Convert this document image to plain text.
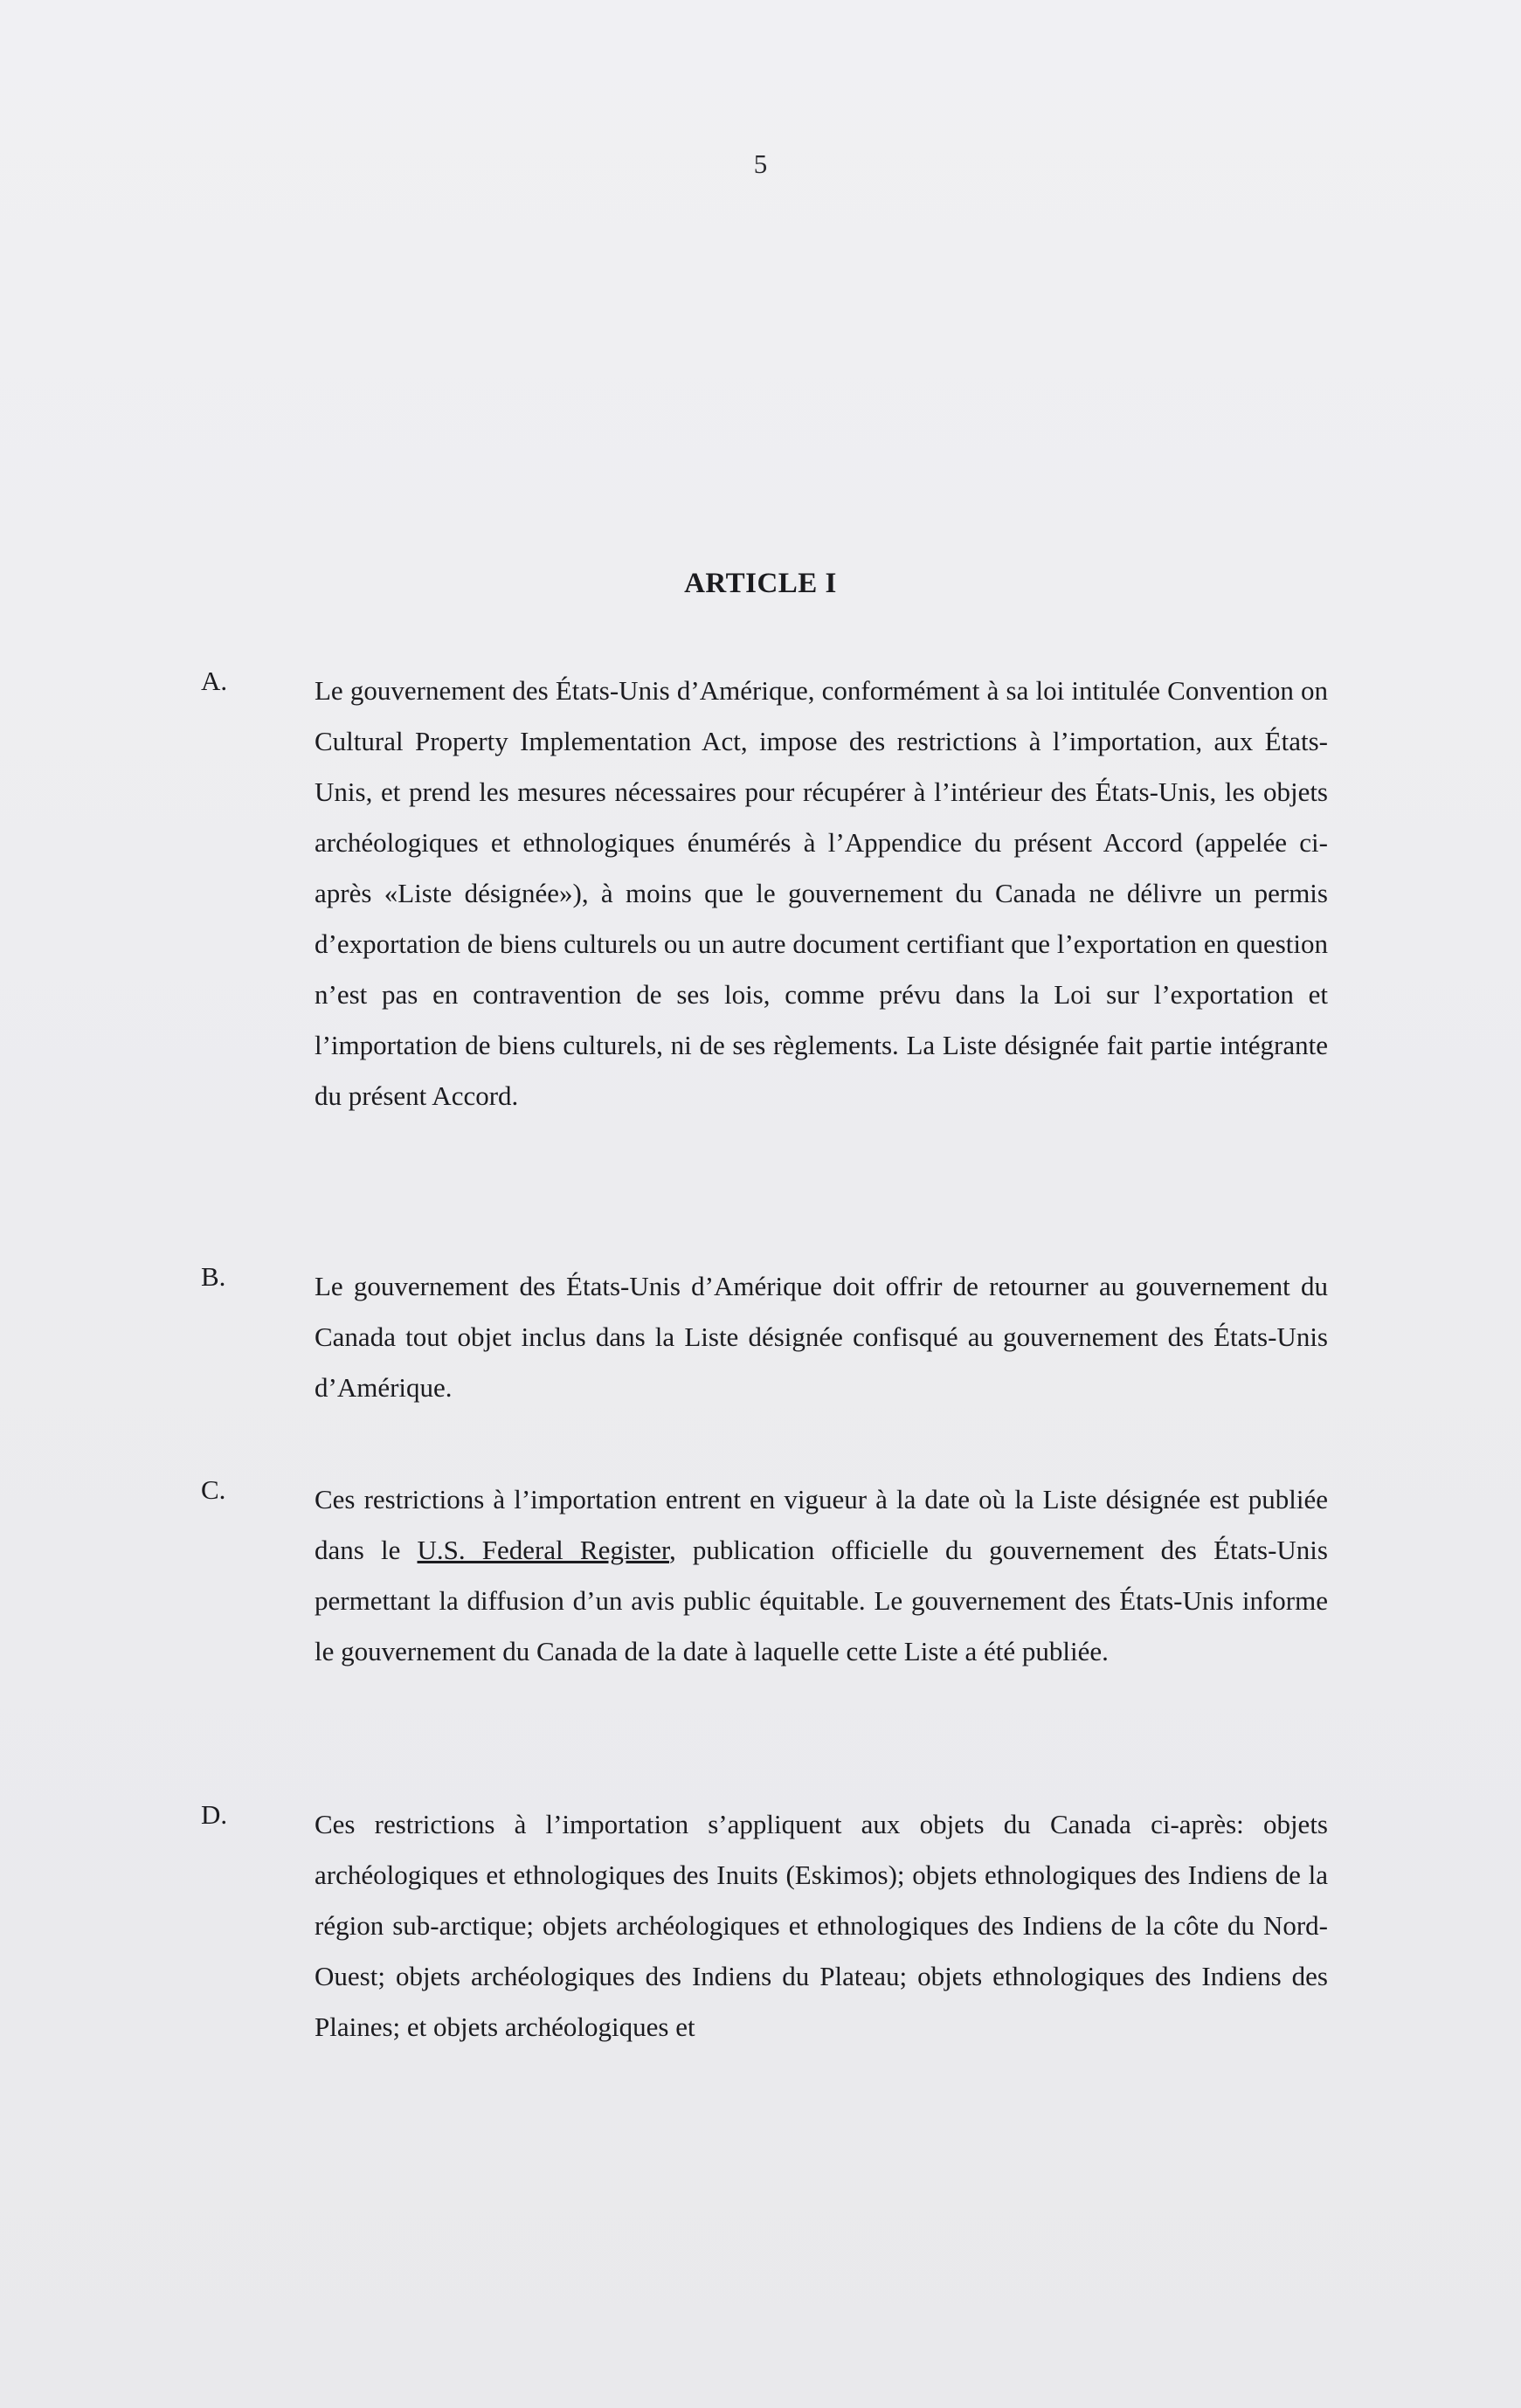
5
ARTICLE I
A.	Le gouvernement des États-Unis d’Amérique, conformément à sa loi intitulée Convention on Cultural Property Implementation Act, impose des restrictions à l’importation, aux États-Unis, et prend les mesures nécessaires pour récupérer à l’intérieur des États-Unis, les objets archéologiques et ethnologiques énumérés à l’Appendice du présent Accord (appelée ci-après «Liste désignée»), à moins que le gouvernement du Canada ne délivre un permis d’exportation de biens culturels ou un autre document certifiant que l’exportation en question n’est pas en contravention de ses lois, comme prévu dans la Loi sur l’exportation et l’importation de biens culturels, ni de ses règlements. La Liste désignée fait partie intégrante du présent Accord.
B.	Le gouvernement des États-Unis d’Amérique doit offrir de retourner au gouvernement du Canada tout objet inclus dans la Liste désignée confisqué au gouvernement des États-Unis d’Amérique.
C.	Ces restrictions à l’importation entrent en vigueur à la date où la Liste désignée est publiée dans le U.S. Federal Register, publication officielle du gouvernement des États-Unis permettant la diffusion d’un avis public équitable. Le gouvernement des États-Unis informe le gouvernement du Canada de la date à laquelle cette Liste a été publiée.
D.	Ces restrictions à l’importation s’appliquent aux objets du Canada ci-après: objets archéologiques et ethnologiques des Inuits (Eskimos); objets ethnologiques des Indiens de la région sub-arctique; objets archéologiques et ethnologiques des Indiens de la côte du Nord-Ouest; objets archéologiques des Indiens du Plateau; objets ethnologiques des Indiens des Plaines; et objets archéologiques et
